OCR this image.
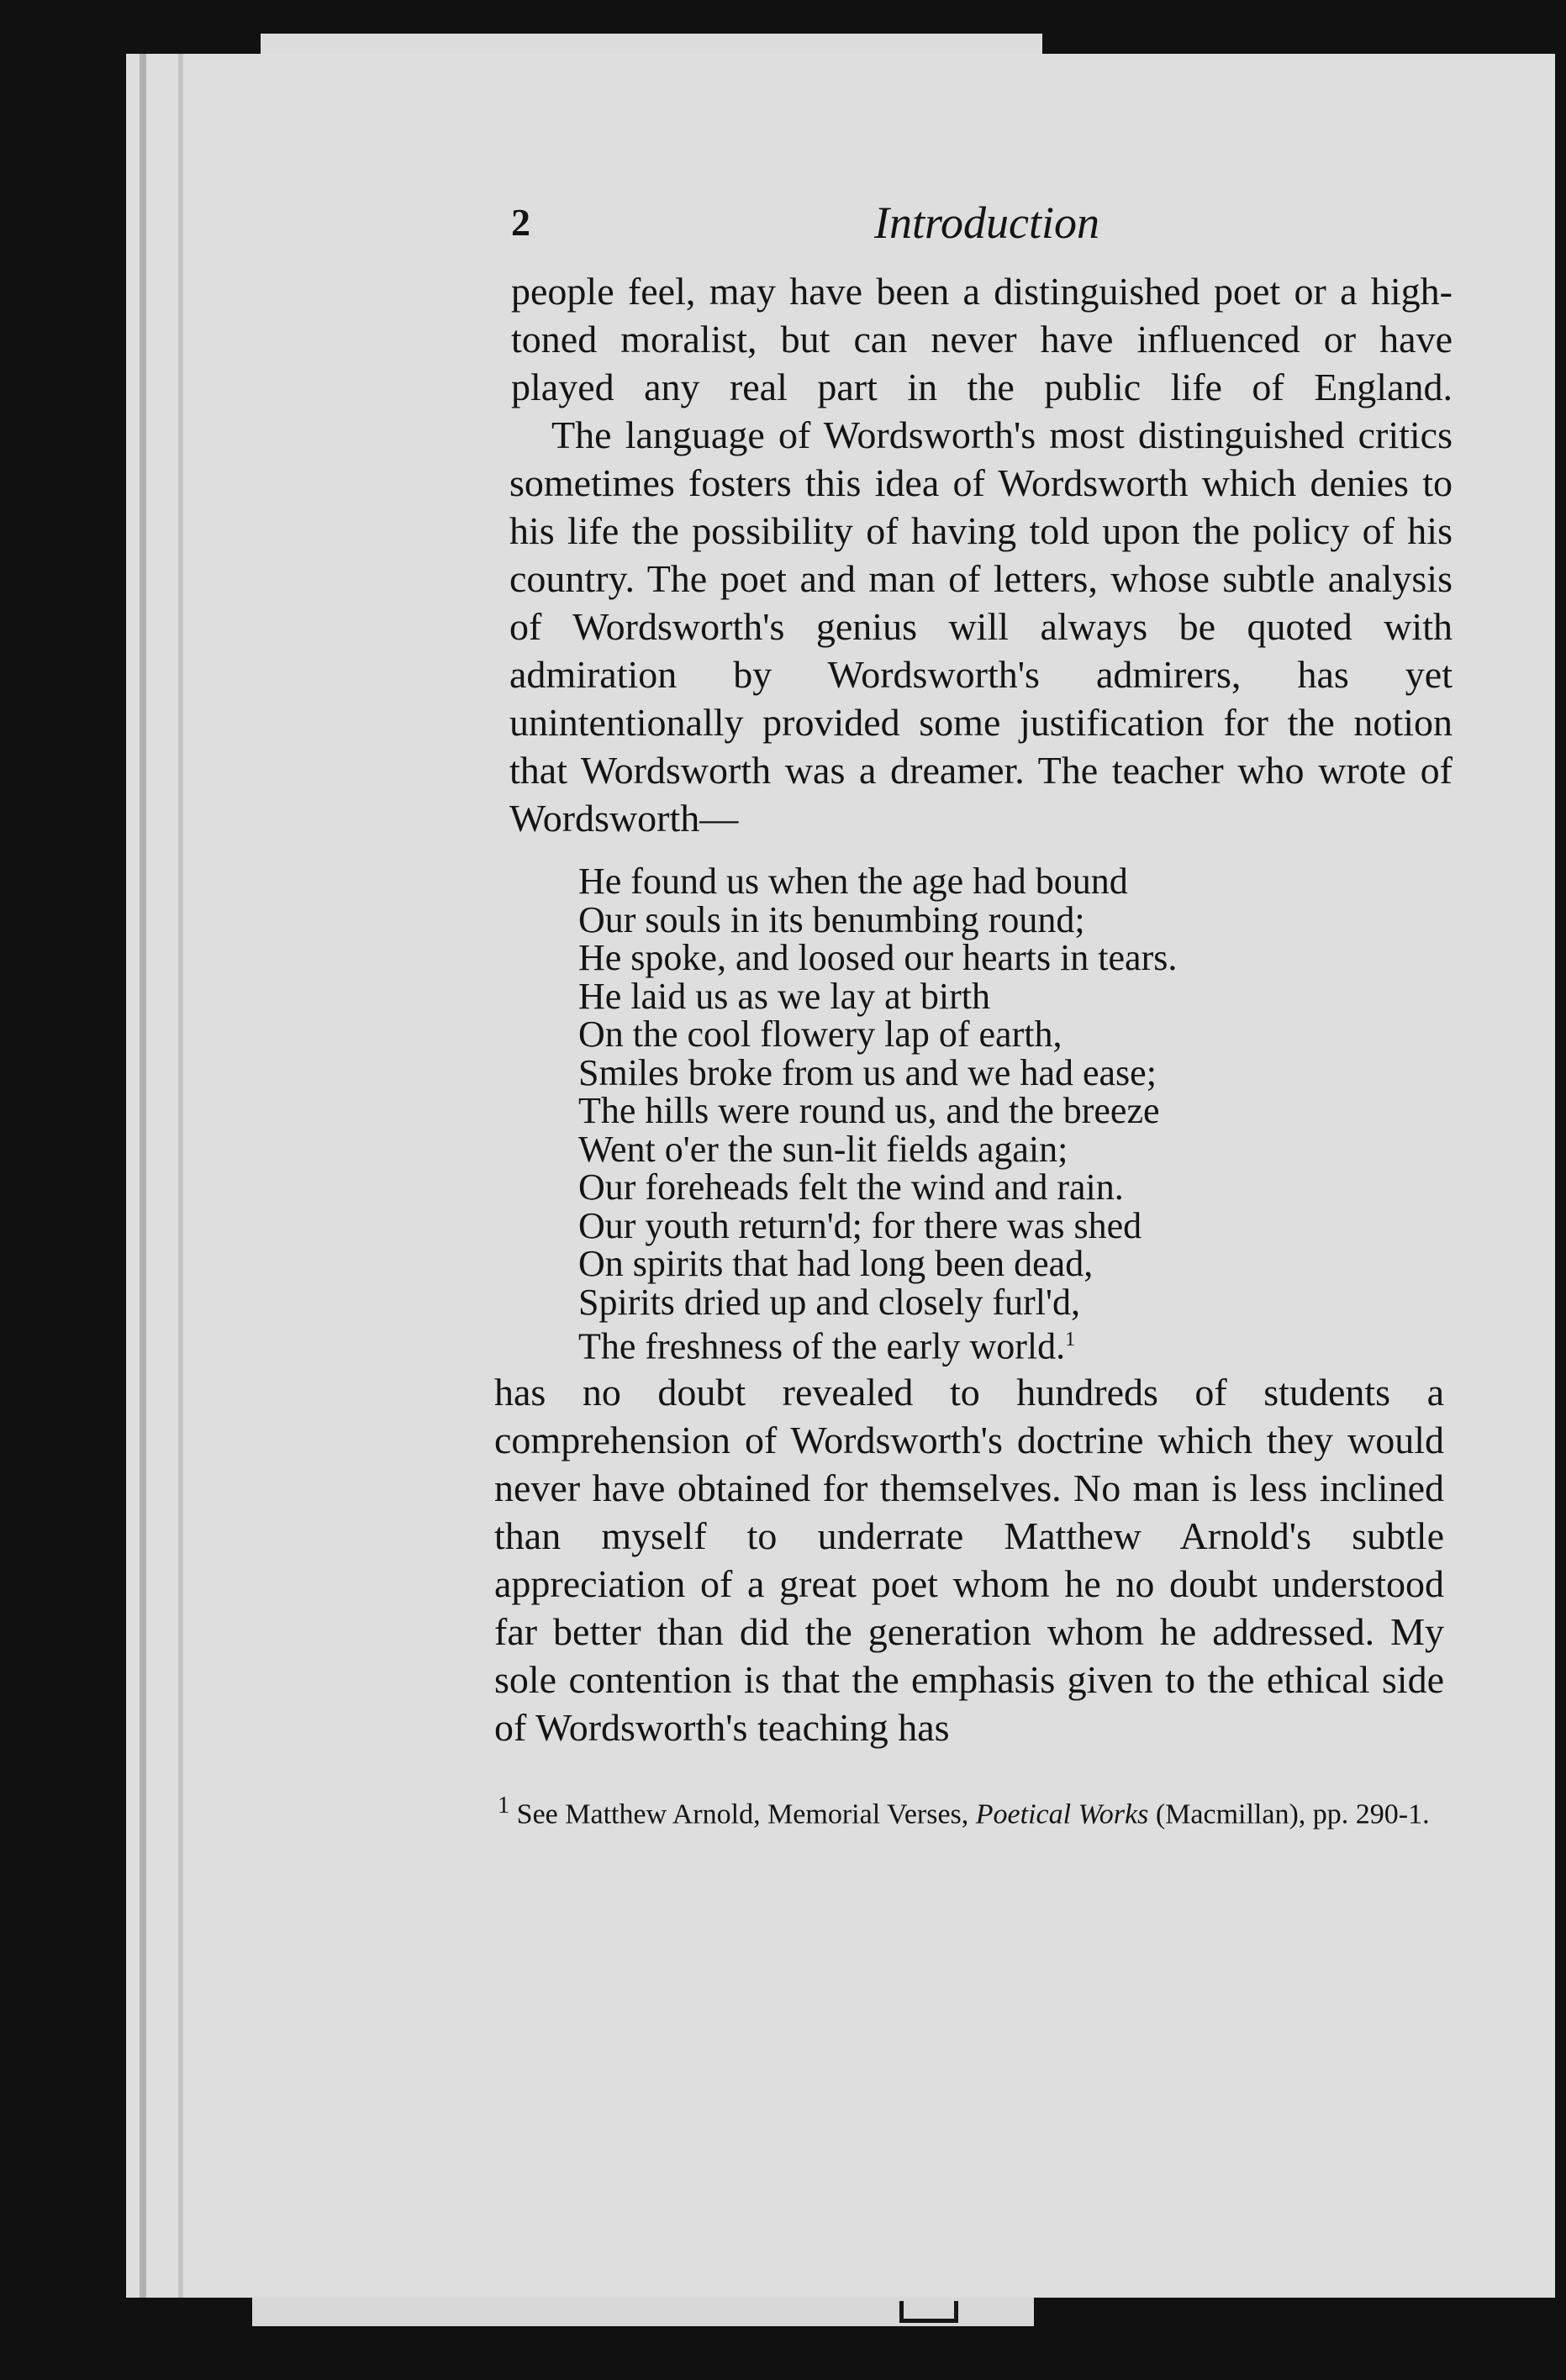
2	Introduction

people feel, may have been a distinguished poet or a high-toned moralist, but can never have influenced or have played any real part in the public life of England.

The language of Wordsworth's most distinguished critics sometimes fosters this idea of Wordsworth which denies to his life the possibility of having told upon the policy of his country. The poet and man of letters, whose subtle analysis of Wordsworth's genius will always be quoted with admiration by Wordsworth's admirers, has yet unintentionally provided some justification for the notion that Wordsworth was a dreamer. The teacher who wrote of Wordsworth—

He found us when the age had bound
Our souls in its benumbing round;
He spoke, and loosed our hearts in tears.
He laid us as we lay at birth
On the cool flowery lap of earth,
Smiles broke from us and we had ease;
The hills were round us, and the breeze
Went o'er the sun-lit fields again;
Our foreheads felt the wind and rain.
Our youth return'd; for there was shed
On spirits that had long been dead,
Spirits dried up and closely furl'd,
The freshness of the early world.$^1$

has no doubt revealed to hundreds of students a comprehension of Wordsworth's doctrine which they would never have obtained for themselves. No man is less inclined than myself to underrate Matthew Arnold's subtle appreciation of a great poet whom he no doubt understood far better than did the generation whom he addressed. My sole contention is that the emphasis given to the ethical side of Wordsworth's teaching has

$^1$ See Matthew Arnold, Memorial Verses, Poetical Works (Macmillan), pp. 290-1.
